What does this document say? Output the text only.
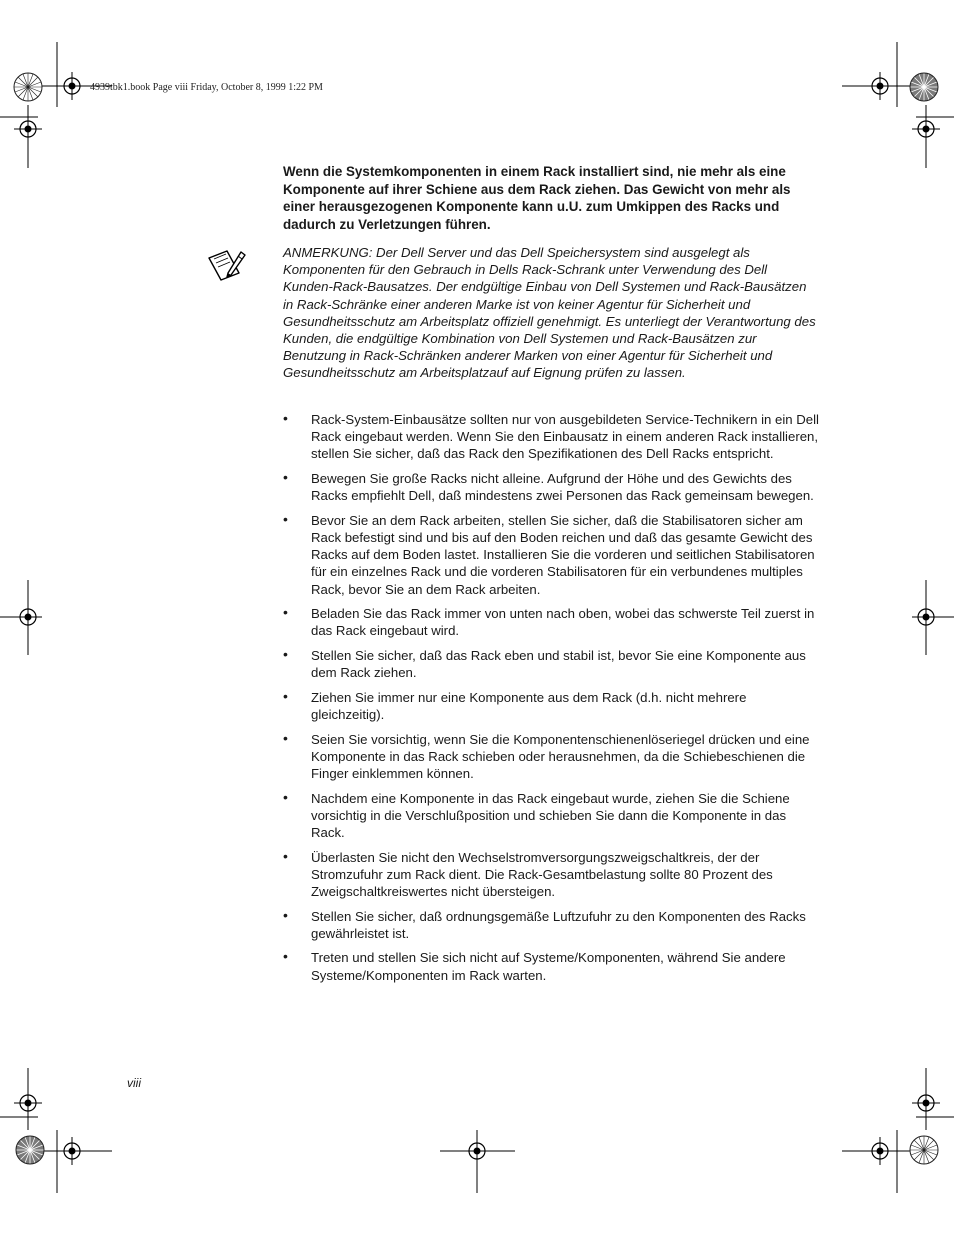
4939tbk1.book Page viii Friday, October 8, 1999 1:22 PM

Wenn die Systemkomponenten in einem Rack installiert sind, nie mehr als eine Komponente auf ihrer Schiene aus dem Rack ziehen. Das Gewicht von mehr als einer herausgezogenen Komponente kann u.U. zum Umkippen des Racks und dadurch zu Verletzungen führen.

ANMERKUNG: Der Dell Server und das Dell Speichersystem sind ausgelegt als Komponenten für den Gebrauch in Dells Rack-Schrank unter Verwendung des Dell Kunden-Rack-Bausatzes. Der endgültige Einbau von Dell Systemen und Rack-Bausätzen in Rack-Schränke einer anderen Marke ist von keiner Agentur für Sicherheit und Gesundheitsschutz am Arbeitsplatz offiziell genehmigt. Es unterliegt der Verantwortung des Kunden, die endgültige Kombination von Dell Systemen und Rack-Bausätzen zur Benutzung in Rack-Schränken anderer Marken von einer Agentur für Sicherheit und Gesundheitsschutz am Arbeitsplatzauf auf Eignung prüfen zu lassen.

• Rack-System-Einbausätze sollten nur von ausgebildeten Service-Technikern in ein Dell Rack eingebaut werden. Wenn Sie den Einbausatz in einem anderen Rack installieren, stellen Sie sicher, daß das Rack den Spezifikationen des Dell Racks entspricht.
• Bewegen Sie große Racks nicht alleine. Aufgrund der Höhe und des Gewichts des Racks empfiehlt Dell, daß mindestens zwei Personen das Rack gemeinsam bewegen.
• Bevor Sie an dem Rack arbeiten, stellen Sie sicher, daß die Stabilisatoren sicher am Rack befestigt sind und bis auf den Boden reichen und daß das gesamte Gewicht des Racks auf dem Boden lastet. Installieren Sie die vorderen und seitlichen Stabilisatoren für ein einzelnes Rack und die vorderen Stabilisatoren für ein verbundenes multiples Rack, bevor Sie an dem Rack arbeiten.
• Beladen Sie das Rack immer von unten nach oben, wobei das schwerste Teil zuerst in das Rack eingebaut wird.
• Stellen Sie sicher, daß das Rack eben und stabil ist, bevor Sie eine Komponente aus dem Rack ziehen.
• Ziehen Sie immer nur eine Komponente aus dem Rack (d.h. nicht mehrere gleichzeitig).
• Seien Sie vorsichtig, wenn Sie die Komponentenschienenlöseriegel drücken und eine Komponente in das Rack schieben oder herausnehmen, da die Schiebeschienen die Finger einklemmen können.
• Nachdem eine Komponente in das Rack eingebaut wurde, ziehen Sie die Schiene vorsichtig in die Verschlußposition und schieben Sie dann die Komponente in das Rack.
• Überlasten Sie nicht den Wechselstromversorgungszweigschaltkreis, der der Stromzufuhr zum Rack dient. Die Rack-Gesamtbelastung sollte 80 Prozent des Zweigschaltkreiswertes nicht übersteigen.
• Stellen Sie sicher, daß ordnungsgemäße Luftzufuhr zu den Komponenten des Racks gewährleistet ist.
• Treten und stellen Sie sich nicht auf Systeme/Komponenten, während Sie andere Systeme/Komponenten im Rack warten.
viii
